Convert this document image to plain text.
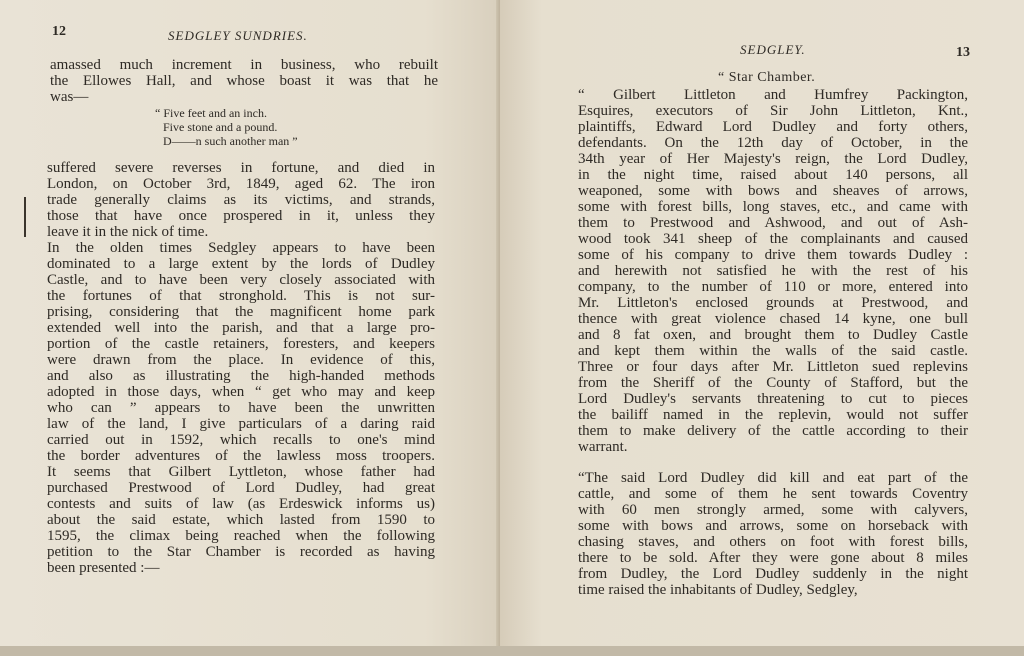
12	SEDGLEY SUNDRIES.
amassed much increment in business, who rebuilt
the Ellowes Hall, and whose boast it was that he
was—
“ Five feet and an inch.
Five stone and a pound.
D——n such another man ”
suffered severe reverses in fortune, and died in
London, on October 3rd, 1849, aged 62. The iron
trade generally claims as its victims, and strands,
those that have once prospered in it, unless they
leave it in the nick of time.
In the olden times Sedgley appears to have been
dominated to a large extent by the lords of Dudley
Castle, and to have been very closely associated with
the fortunes of that stronghold. This is not sur-
prising, considering that the magnificent home park
extended well into the parish, and that a large pro-
portion of the castle retainers, foresters, and keepers
were drawn from the place. In evidence of this,
and also as illustrating the high-handed methods
adopted in those days, when “ get who may and keep
who can ” appears to have been the unwritten
law of the land, I give particulars of a daring raid
carried out in 1592, which recalls to one's mind
the border adventures of the lawless moss troopers.
It seems that Gilbert Lyttleton, whose father had
purchased Prestwood of Lord Dudley, had great
contests and suits of law (as Erdeswick informs us)
about the said estate, which lasted from 1590 to
1595, the climax being reached when the following
petition to the Star Chamber is recorded as having
been presented :—
SEDGLEY.	13
“ Star Chamber.
“ Gilbert Littleton and Humfrey Packington,
Esquires, executors of Sir John Littleton, Knt.,
plaintiffs, Edward Lord Dudley and forty others,
defendants. On the 12th day of October, in the
34th year of Her Majesty's reign, the Lord Dudley,
in the night time, raised about 140 persons, all
weaponed, some with bows and sheaves of arrows,
some with forest bills, long staves, etc., and came with
them to Prestwood and Ashwood, and out of Ash-
wood took 341 sheep of the complainants and caused
some of his company to drive them towards Dudley :
and herewith not satisfied he with the rest of his
company, to the number of 110 or more, entered into
Mr. Littleton's enclosed grounds at Prestwood, and
thence with great violence chased 14 kyne, one bull
and 8 fat oxen, and brought them to Dudley Castle
and kept them within the walls of the said castle.
Three or four days after Mr. Littleton sued replevins
from the Sheriff of the County of Stafford, but the
Lord Dudley's servants threatening to cut to pieces
the bailiff named in the replevin, would not suffer
them to make delivery of the cattle according to their
warrant.
“The said Lord Dudley did kill and eat part of the
cattle, and some of them he sent towards Coventry
with 60 men strongly armed, some with calyvers,
some with bows and arrows, some on horseback with
chasing staves, and others on foot with forest bills,
there to be sold. After they were gone about 8 miles
from Dudley, the Lord Dudley suddenly in the night
time raised the inhabitants of Dudley, Sedgley,
